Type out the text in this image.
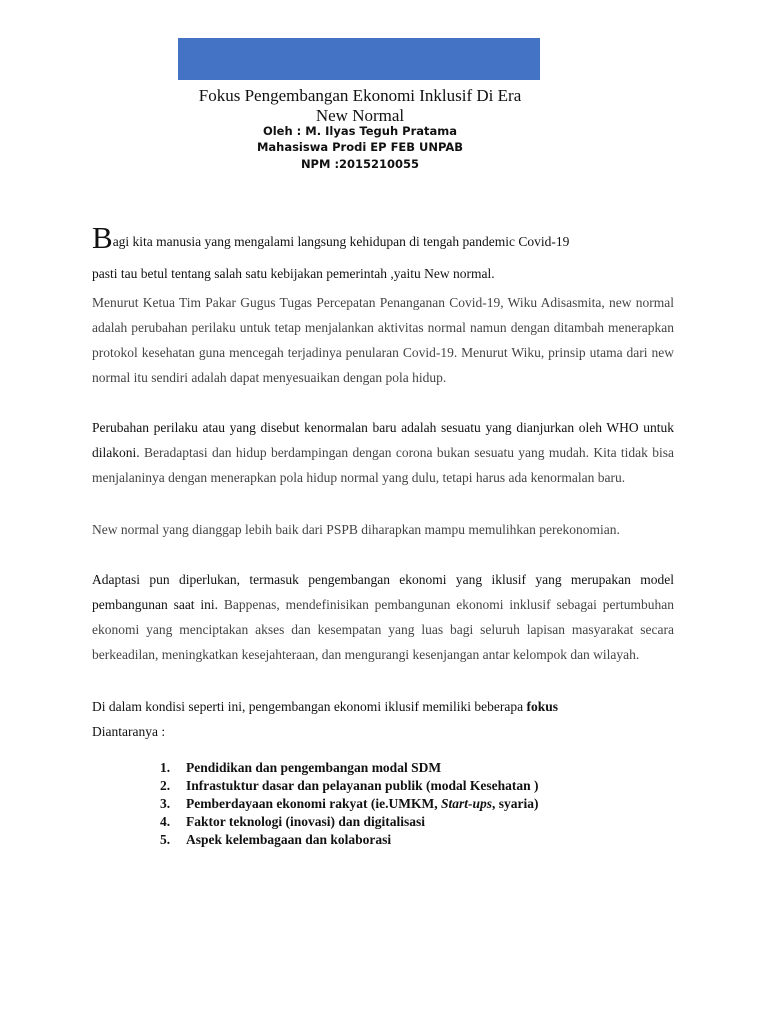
Fokus Pengembangan Ekonomi Inklusif Di Era
New Normal
Oleh : M. Ilyas Teguh Pratama
Mahasiswa Prodi EP FEB UNPAB
NPM :2015210055
Bagi kita manusia yang mengalami langsung kehidupan di tengah pandemic Covid-19
pasti tau betul tentang salah satu kebijakan pemerintah ,yaitu New normal.
Menurut Ketua Tim Pakar Gugus Tugas Percepatan Penanganan Covid-19, Wiku Adisasmita, new normal adalah perubahan perilaku untuk tetap menjalankan aktivitas normal namun dengan ditambah menerapkan protokol kesehatan guna mencegah terjadinya penularan Covid-19. Menurut Wiku, prinsip utama dari new normal itu sendiri adalah dapat menyesuaikan dengan pola hidup.
Perubahan perilaku atau yang disebut kenormalan baru adalah sesuatu yang dianjurkan oleh WHO untuk dilakoni. Beradaptasi dan hidup berdampingan dengan corona bukan sesuatu yang mudah. Kita tidak bisa menjalaninya dengan menerapkan pola hidup normal yang dulu, tetapi harus ada kenormalan baru.
New normal yang dianggap lebih baik dari PSPB diharapkan mampu memulihkan perekonomian.
Adaptasi pun diperlukan, termasuk pengembangan ekonomi yang iklusif yang merupakan model pembangunan saat ini. Bappenas, mendefinisikan pembangunan ekonomi inklusif sebagai pertumbuhan ekonomi yang menciptakan akses dan kesempatan yang luas bagi seluruh lapisan masyarakat secara berkeadilan, meningkatkan kesejahteraan, dan mengurangi kesenjangan antar kelompok dan wilayah.
Di dalam kondisi seperti ini, pengembangan ekonomi iklusif memiliki beberapa fokus
Diantaranya :
1. Pendidikan dan pengembangan modal SDM
2. Infrastuktur dasar dan pelayanan publik (modal Kesehatan )
3. Pemberdayaan ekonomi rakyat (ie.UMKM, Start-ups, syaria)
4. Faktor teknologi (inovasi) dan digitalisasi
5. Aspek kelembagaan dan kolaborasi
